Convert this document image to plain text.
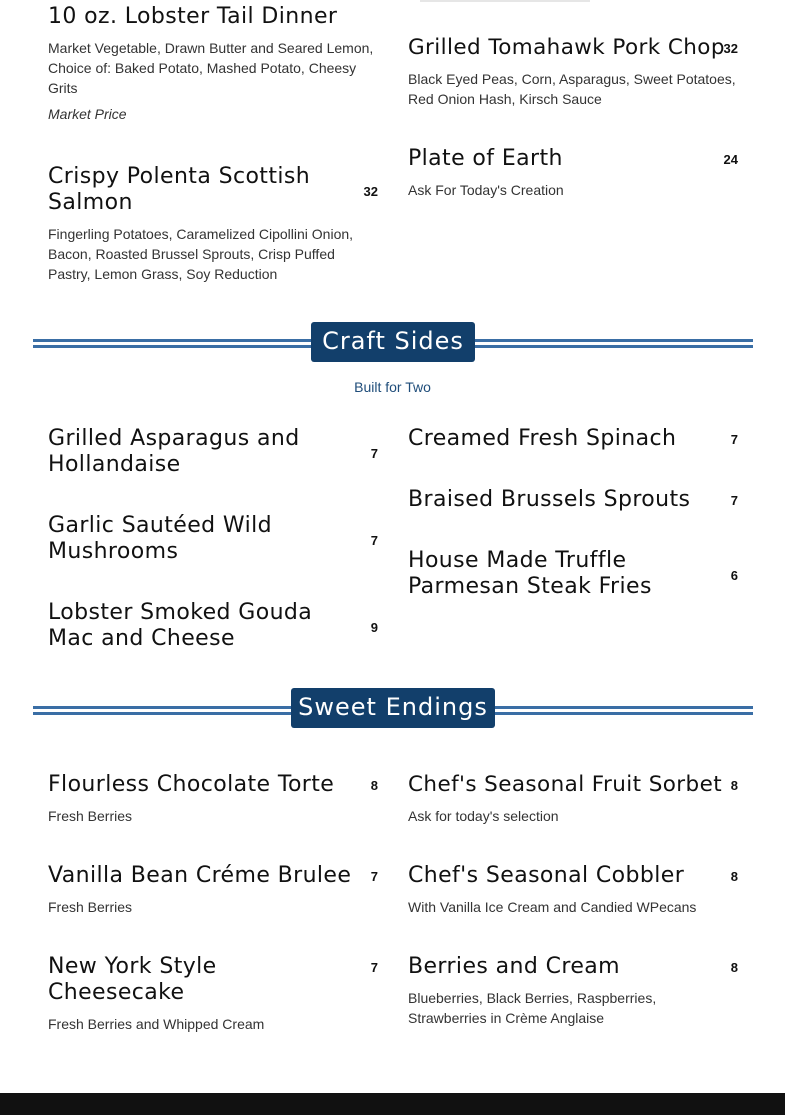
10 oz. Lobster Tail Dinner
Market Vegetable, Drawn Butter and Seared Lemon, Choice of: Baked Potato, Mashed Potato, Cheesy Grits
Market Price
32
Crispy Polenta Scottish Salmon
Fingerling Potatoes, Caramelized Cipollini Onion, Bacon, Roasted Brussel Sprouts, Crisp Puffed Pastry, Lemon Grass, Soy Reduction
32
Grilled Tomahawk Pork Chop
Black Eyed Peas, Corn, Asparagus, Sweet Potatoes, Red Onion Hash, Kirsch Sauce
24
Plate of Earth
Ask For Today's Creation
Craft Sides
Built for Two
7
Grilled Asparagus and Hollandaise
7
Garlic Sautéed Wild Mushrooms
9
Lobster Smoked Gouda Mac and Cheese
7
Creamed Fresh Spinach
7
Braised Brussels Sprouts
6
House Made Truffle Parmesan Steak Fries
Sweet Endings
8
Flourless Chocolate Torte
Fresh Berries
7
Vanilla Bean Créme Brulee
Fresh Berries
7
New York Style Cheesecake
Fresh Berries and Whipped Cream
8
Chef's Seasonal Fruit Sorbet
Ask for today's selection
8
Chef's Seasonal Cobbler
With Vanilla Ice Cream and Candied WPecans
8
Berries and Cream
Blueberries, Black Berries, Raspberries, Strawberries in Crème Anglaise
